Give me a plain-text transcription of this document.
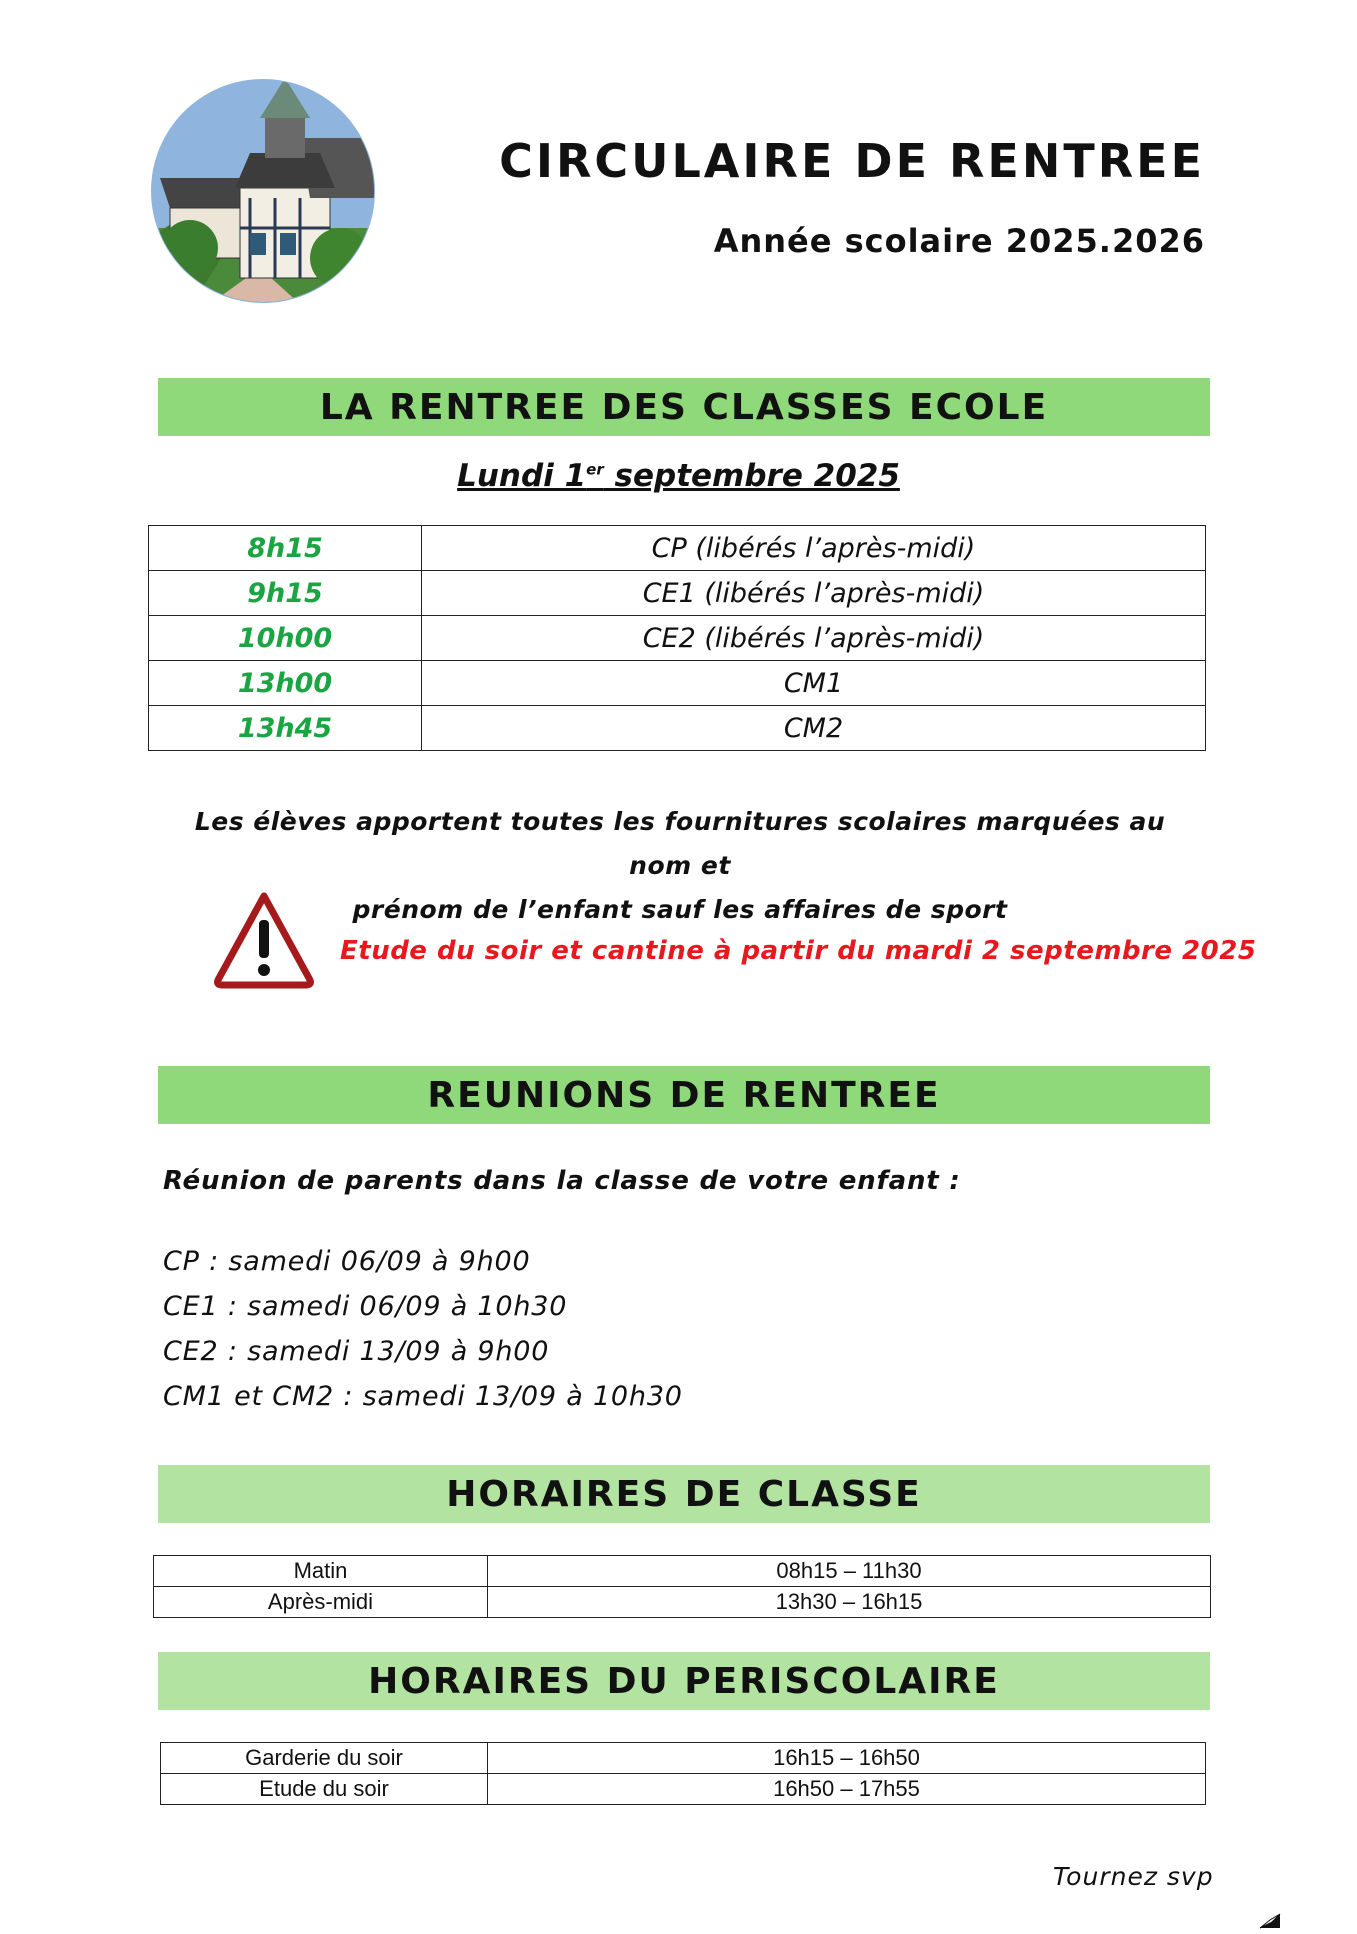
CIRCULAIRE DE RENTREE
Année scolaire 2025.2026
LA RENTREE DES CLASSES ECOLE
Lundi 1er septembre 2025
8h15	CP (libérés l’après-midi)
9h15	CE1 (libérés l’après-midi)
10h00	CE2 (libérés l’après-midi)
13h00	CM1
13h45	CM2
Les élèves apportent toutes les fournitures scolaires marquées au nom et
prénom de l’enfant sauf les affaires de sport
Etude du soir et cantine à partir du mardi 2 septembre 2025
REUNIONS DE RENTREE
Réunion de parents dans la classe de votre enfant :
CP : samedi 06/09 à 9h00
CE1 : samedi 06/09 à 10h30
CE2 : samedi 13/09 à 9h00
CM1 et CM2 : samedi 13/09 à 10h30
HORAIRES DE CLASSE
Matin	08h15 – 11h30
Après-midi	13h30 – 16h15
HORAIRES DU PERISCOLAIRE
Garderie du soir	16h15 – 16h50
Etude du soir	16h50 – 17h55
Tournez svp
